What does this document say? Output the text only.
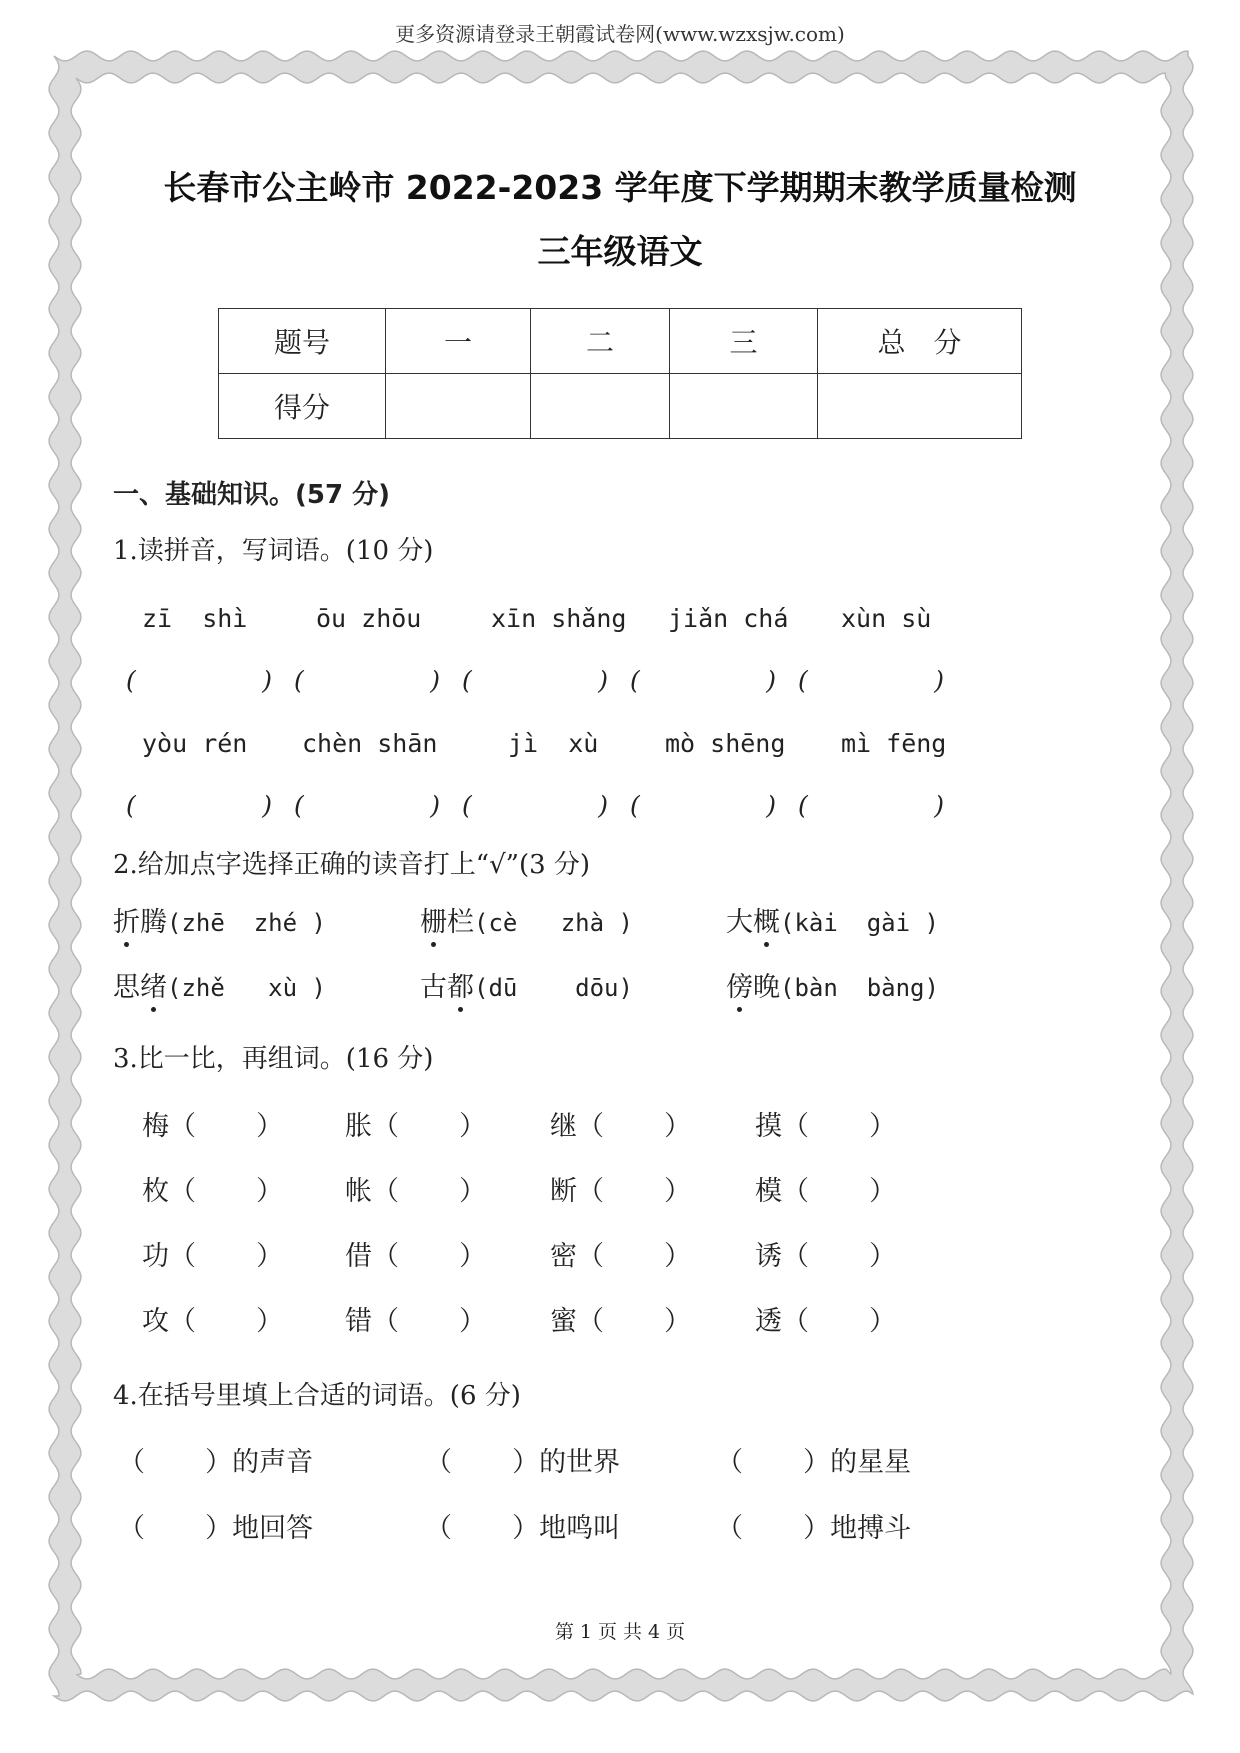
更多资源请登录王朝霞试卷网(www.wzxsjw.com)
长春市公主岭市 2022-2023 学年度下学期期末教学质量检测
三年级语文
题号	一	二	三	总　分
得分				
一、基础知识。(57 分)
1.读拼音，写词语。(10 分)
zī  shì	ōu zhōu	xīn shǎng jiǎn chá xùn sù
(	) (	) (	) (	) (	)
yòu rén chèn shān	jì  xù	mò shēng mì fēng
(	) (	) (	) (	) (	)
2.给加点字选择正确的读音打上“√”(3 分)
折腾(zhē  zhé )	栅栏(cè   zhà )	大概(kài  gài )
思绪(zhě   xù )	古都(dū    dōu)	傍晚(bàn  bàng)
3.比一比，再组词。(16 分)
梅（       ） 胀（       ） 继（       ） 摸（       ）
枚（       ） 帐（       ） 断（       ） 模（       ）
功（       ） 借（       ） 密（       ） 诱（       ）
攻（       ） 错（       ） 蜜（       ） 透（       ）
4.在括号里填上合适的词语。(6 分)
（       ）的声音	（       ）的世界	（       ）的星星
（       ）地回答	（       ）地鸣叫	（       ）地搏斗
第 1 页 共 4 页
